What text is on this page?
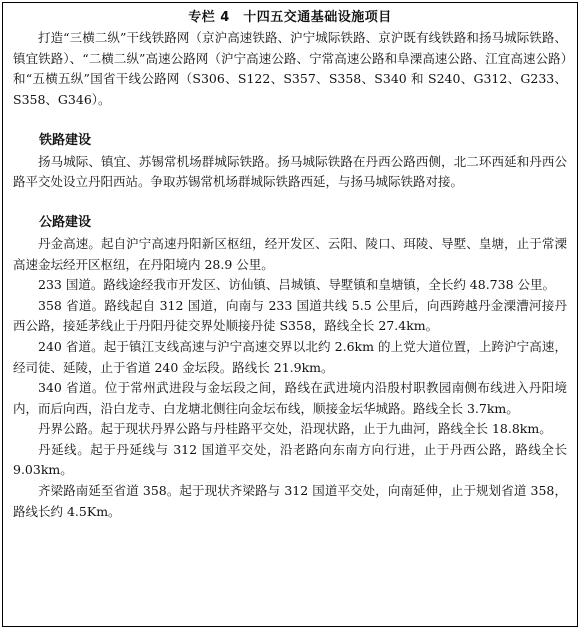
专栏 4　十四五交通基础设施项目

打造“三横二纵”干线铁路网（京沪高速铁路、沪宁城际铁路、京沪既有线铁路和扬马城际铁路、镇宜铁路）、“二横二纵”高速公路网（沪宁高速公路、宁常高速公路和阜溧高速公路、江宜高速公路）和“五横五纵”国省干线公路网（S306、S122、S357、S358、S340 和 S240、G312、G233、S358、G346）。

铁路建设

扬马城际、镇宜、苏锡常机场群城际铁路。扬马城际铁路在丹西公路西侧，北二环西延和丹西公路平交处设立丹阳西站。争取苏锡常机场群城际铁路西延，与扬马城际铁路对接。

公路建设

丹金高速。起自沪宁高速丹阳新区枢纽，经开发区、云阳、陵口、珥陵、导墅、皇塘，止于常溧高速金坛经开区枢纽，在丹阳境内 28.9 公里。

233 国道。路线途经我市开发区、访仙镇、吕城镇、导墅镇和皇塘镇，全长约 48.738 公里。

358 省道。路线起自 312 国道，向南与 233 国道共线 5.5 公里后，向西跨越丹金溧漕河接丹西公路，接延茅线止于丹阳丹徒交界处顺接丹徒 S358，路线全长 27.4km。

240 省道。起于镇江支线高速与沪宁高速交界以北约 2.6km 的上党大道位置，上跨沪宁高速，经司徒、延陵，止于省道 240 金坛段。路线长 21.9km。

340 省道。位于常州武进段与金坛段之间，路线在武进境内沿殷村职教园南侧布线进入丹阳境内，而后向西，沿白龙寺、白龙塘北侧往向金坛布线，顺接金坛华城路。路线全长 3.7km。

丹界公路。起于现状丹界公路与丹桂路平交处，沿现状路，止于九曲河，路线全长 18.8km。

丹延线。起于丹延线与 312 国道平交处，沿老路向东南方向行进，止于丹西公路，路线全长 9.03km。

齐梁路南延至省道 358。起于现状齐梁路与 312 国道平交处，向南延伸，止于规划省道 358，路线长约 4.5Km。
